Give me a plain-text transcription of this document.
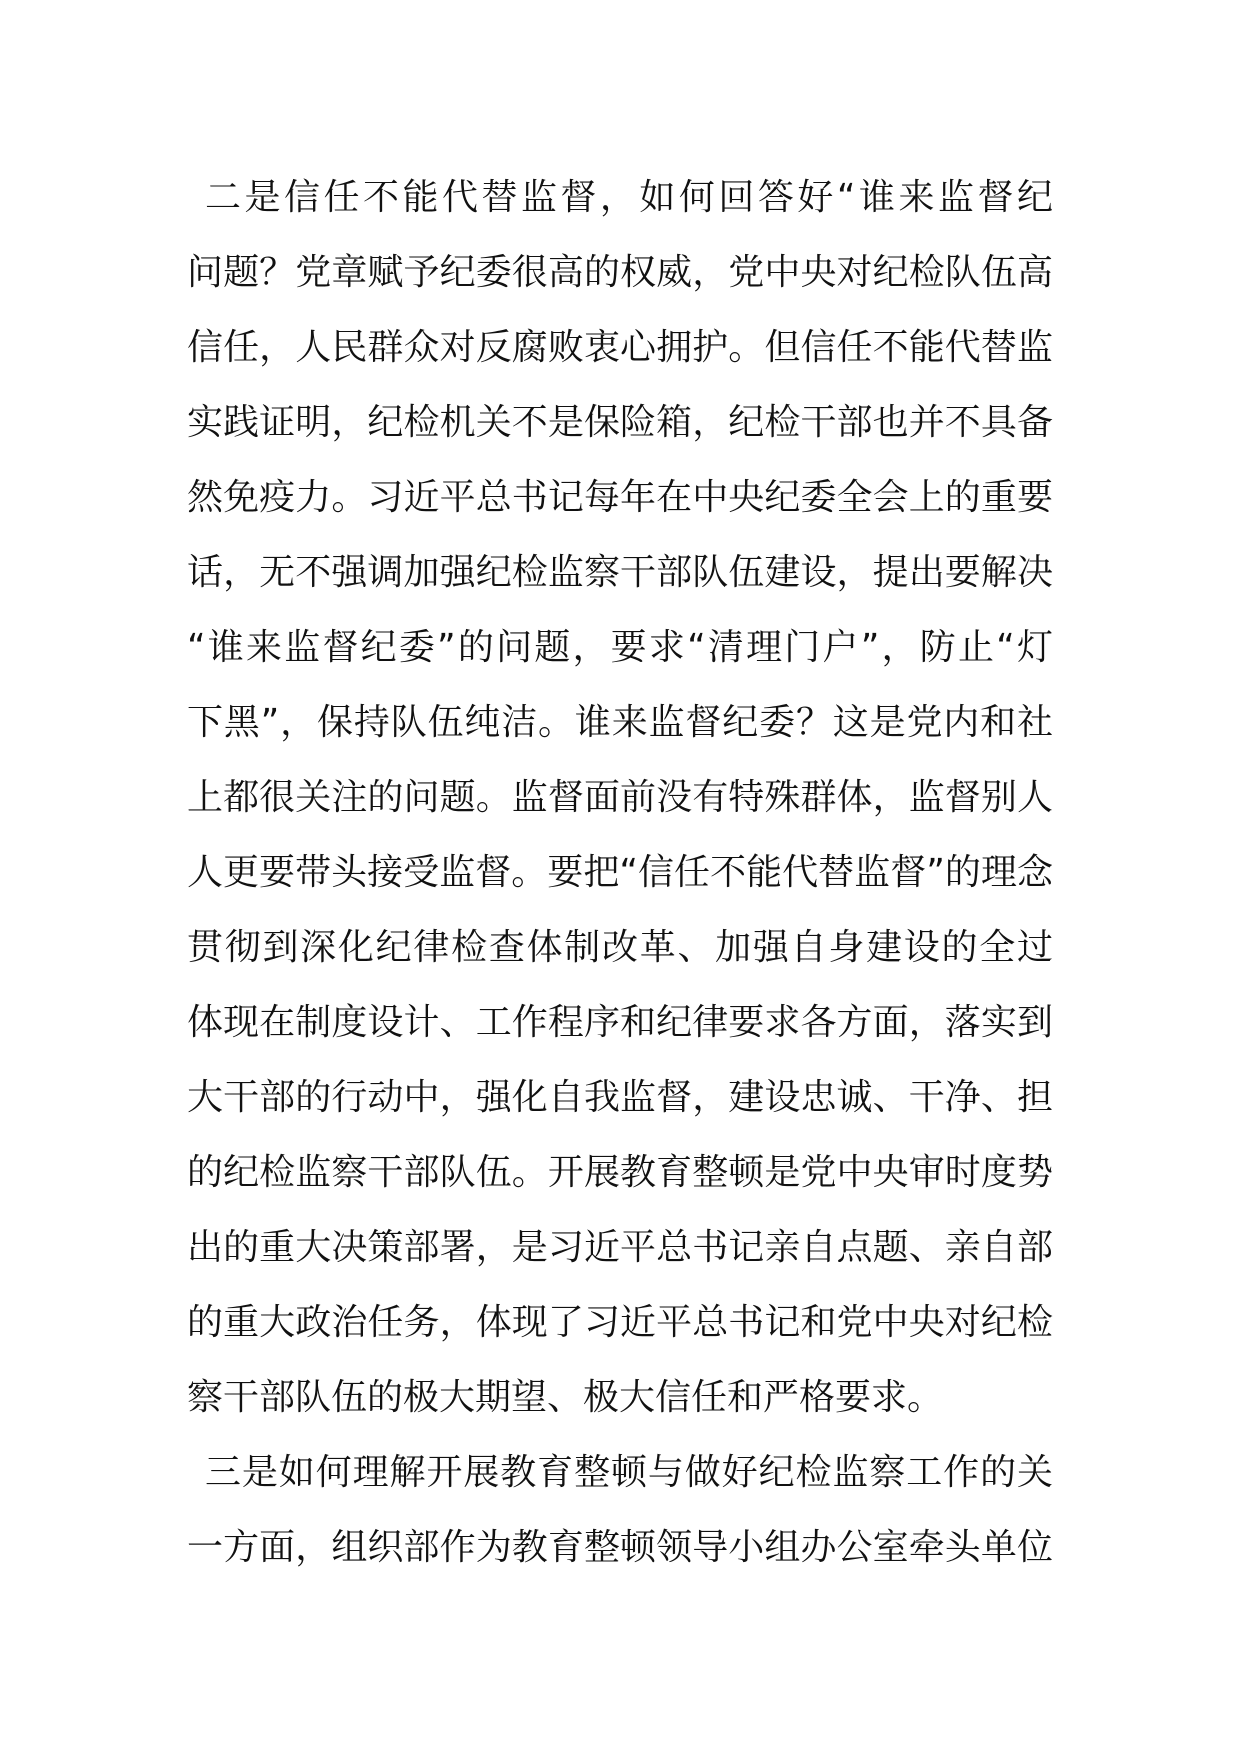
二是信任不能代替监督，如何回答好“谁来监督纪
问题？党章赋予纪委很高的权威，党中央对纪检队伍高
信任，人民群众对反腐败衷心拥护。但信任不能代替监
实践证明，纪检机关不是保险箱，纪检干部也并不具备
然免疫力。习近平总书记每年在中央纪委全会上的重要
话，无不强调加强纪检监察干部队伍建设，提出要解决
“谁来监督纪委”的问题，要求“清理门户”，防止“灯
下黑”，保持队伍纯洁。谁来监督纪委？这是党内和社
上都很关注的问题。监督面前没有特殊群体，监督别人
人更要带头接受监督。要把“信任不能代替监督”的理念
贯彻到深化纪律检查体制改革、加强自身建设的全过
体现在制度设计、工作程序和纪律要求各方面，落实到
大干部的行动中，强化自我监督，建设忠诚、干净、担
的纪检监察干部队伍。开展教育整顿是党中央审时度势
出的重大决策部署，是习近平总书记亲自点题、亲自部
的重大政治任务，体现了习近平总书记和党中央对纪检
察干部队伍的极大期望、极大信任和严格要求。
三是如何理解开展教育整顿与做好纪检监察工作的关
一方面，组织部作为教育整顿领导小组办公室牵头单位
